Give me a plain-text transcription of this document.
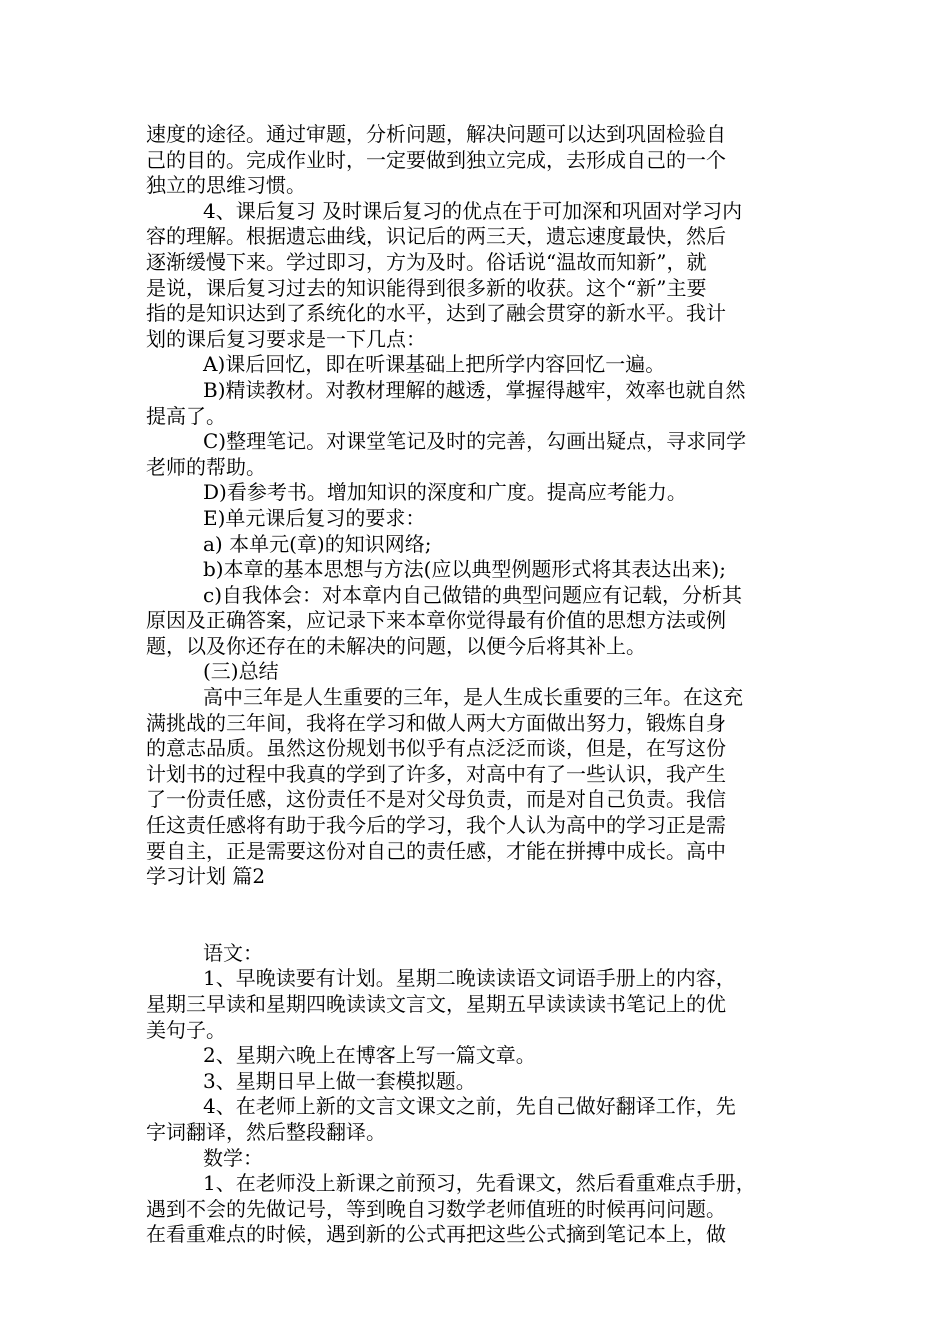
速度的途径。通过审题，分析问题，解决问题可以达到巩固检验自
己的目的。完成作业时，一定要做到独立完成，去形成自己的一个
独立的思维习惯。
4、课后复习 及时课后复习的优点在于可加深和巩固对学习内
容的理解。根据遗忘曲线，识记后的两三天，遗忘速度最快，然后
逐渐缓慢下来。学过即习，方为及时。俗话说“温故而知新”，就
是说，课后复习过去的知识能得到很多新的收获。这个“新”主要
指的是知识达到了系统化的水平，达到了融会贯穿的新水平。我计
划的课后复习要求是一下几点：
A)课后回忆，即在听课基础上把所学内容回忆一遍。
B)精读教材。对教材理解的越透，掌握得越牢，效率也就自然
提高了。
C)整理笔记。对课堂笔记及时的完善，勾画出疑点，寻求同学
老师的帮助。
D)看参考书。增加知识的深度和广度。提高应考能力。
E)单元课后复习的要求：
a) 本单元(章)的知识网络;
b)本章的基本思想与方法(应以典型例题形式将其表达出来);
c)自我体会：对本章内自己做错的典型问题应有记载，分析其
原因及正确答案，应记录下来本章你觉得最有价值的思想方法或例
题，以及你还存在的未解决的问题，以便今后将其补上。
(三)总结
高中三年是人生重要的三年，是人生成长重要的三年。在这充
满挑战的三年间，我将在学习和做人两大方面做出努力，锻炼自身
的意志品质。虽然这份规划书似乎有点泛泛而谈，但是，在写这份
计划书的过程中我真的学到了许多，对高中有了一些认识，我产生
了一份责任感，这份责任不是对父母负责，而是对自己负责。我信
任这责任感将有助于我今后的学习，我个人认为高中的学习正是需
要自主，正是需要这份对自己的责任感，才能在拼搏中成长。高中
学习计划 篇2
语文：
1、早晚读要有计划。星期二晚读读语文词语手册上的内容，
星期三早读和星期四晚读读文言文，星期五早读读读书笔记上的优
美句子。
2、星期六晚上在博客上写一篇文章。
3、星期日早上做一套模拟题。
4、在老师上新的文言文课文之前，先自己做好翻译工作，先
字词翻译，然后整段翻译。
数学：
1、在老师没上新课之前预习，先看课文，然后看重难点手册，
遇到不会的先做记号，等到晚自习数学老师值班的时候再问问题。
在看重难点的时候，遇到新的公式再把这些公式摘到笔记本上，做
